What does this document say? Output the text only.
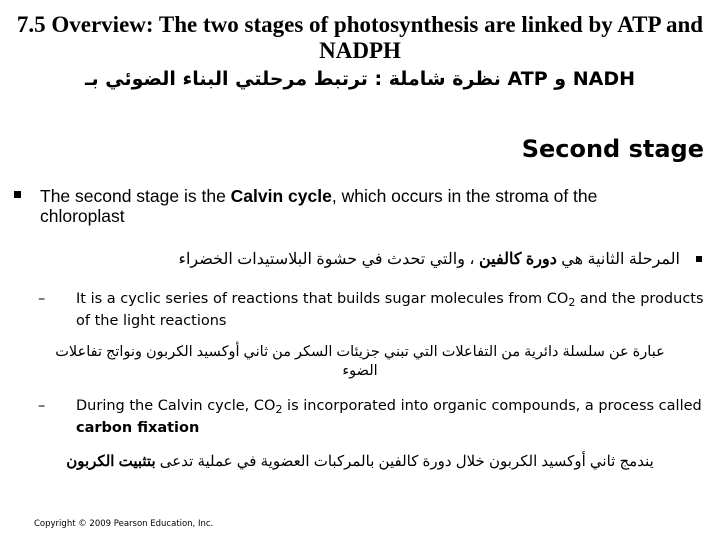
7.5 Overview: The two stages of photosynthesis are linked by ATP and NADPH
نظرة شاملة : ترتبط مرحلتي البناء الضوئي بـ ATP و NADH
Second stage
The second stage is the Calvin cycle, which occurs in the stroma of the chloroplast
المرحلة الثانية هي دورة كالفين ، والتي تحدث في حشوة البلاستيدات الخضراء
– It is a cyclic series of reactions that builds sugar molecules from $CO_2$ and the products of the light reactions
عبارة عن سلسلة دائرية من التفاعلات التي تبني جزيئات السكر من ثاني أوكسيد الكربون ونواتج تفاعلات الضوء
– During the Calvin cycle, $CO_2$ is incorporated into organic compounds, a process called carbon fixation
يندمج ثاني أوكسيد الكربون خلال دورة كالفين بالمركبات العضوية في عملية تدعى بتثبيت الكربون
Copyright © 2009 Pearson Education, Inc.
